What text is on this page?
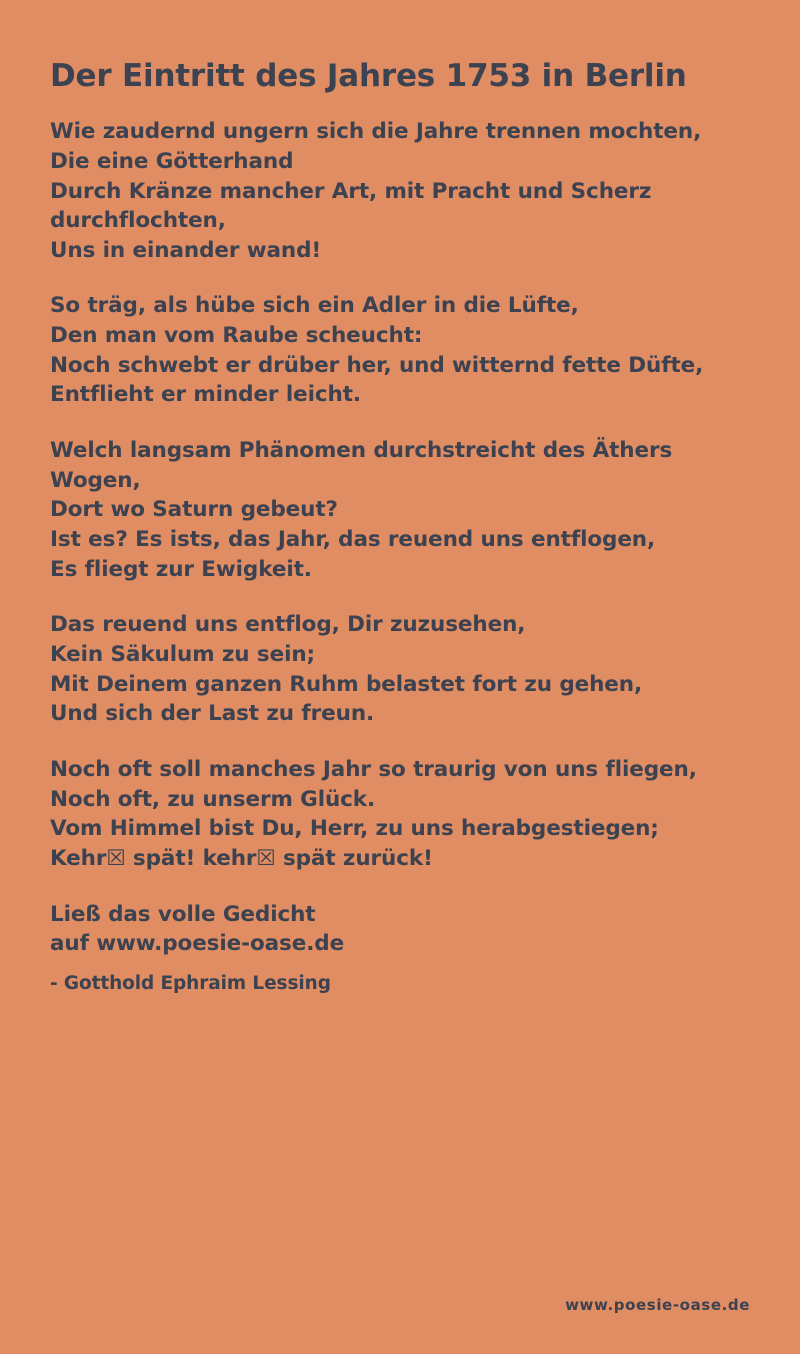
Der Eintritt des Jahres 1753 in Berlin
Wie zaudernd ungern sich die Jahre trennen mochten,
Die eine Götterhand
Durch Kränze mancher Art, mit Pracht und Scherz durchflochten,
Uns in einander wand!
So träg, als hübe sich ein Adler in die Lüfte,
Den man vom Raube scheucht:
Noch schwebt er drüber her, und witternd fette Düfte,
Entflieht er minder leicht.
Welch langsam Phänomen durchstreicht des Äthers Wogen,
Dort wo Saturn gebeut?
Ist es? Es ists, das Jahr, das reuend uns entflogen,
Es fliegt zur Ewigkeit.
Das reuend uns entflog, Dir zuzusehen,
Kein Säkulum zu sein;
Mit Deinem ganzen Ruhm belastet fort zu gehen,
Und sich der Last zu freun.
Noch oft soll manches Jahr so traurig von uns fliegen,
Noch oft, zu unserm Glück.
Vom Himmel bist Du, Herr, zu uns herabgestiegen;
Kehr☒ spät! kehr☒ spät zurück!
Ließ das volle Gedicht
auf www.poesie-oase.de
- Gotthold Ephraim Lessing
www.poesie-oase.de
